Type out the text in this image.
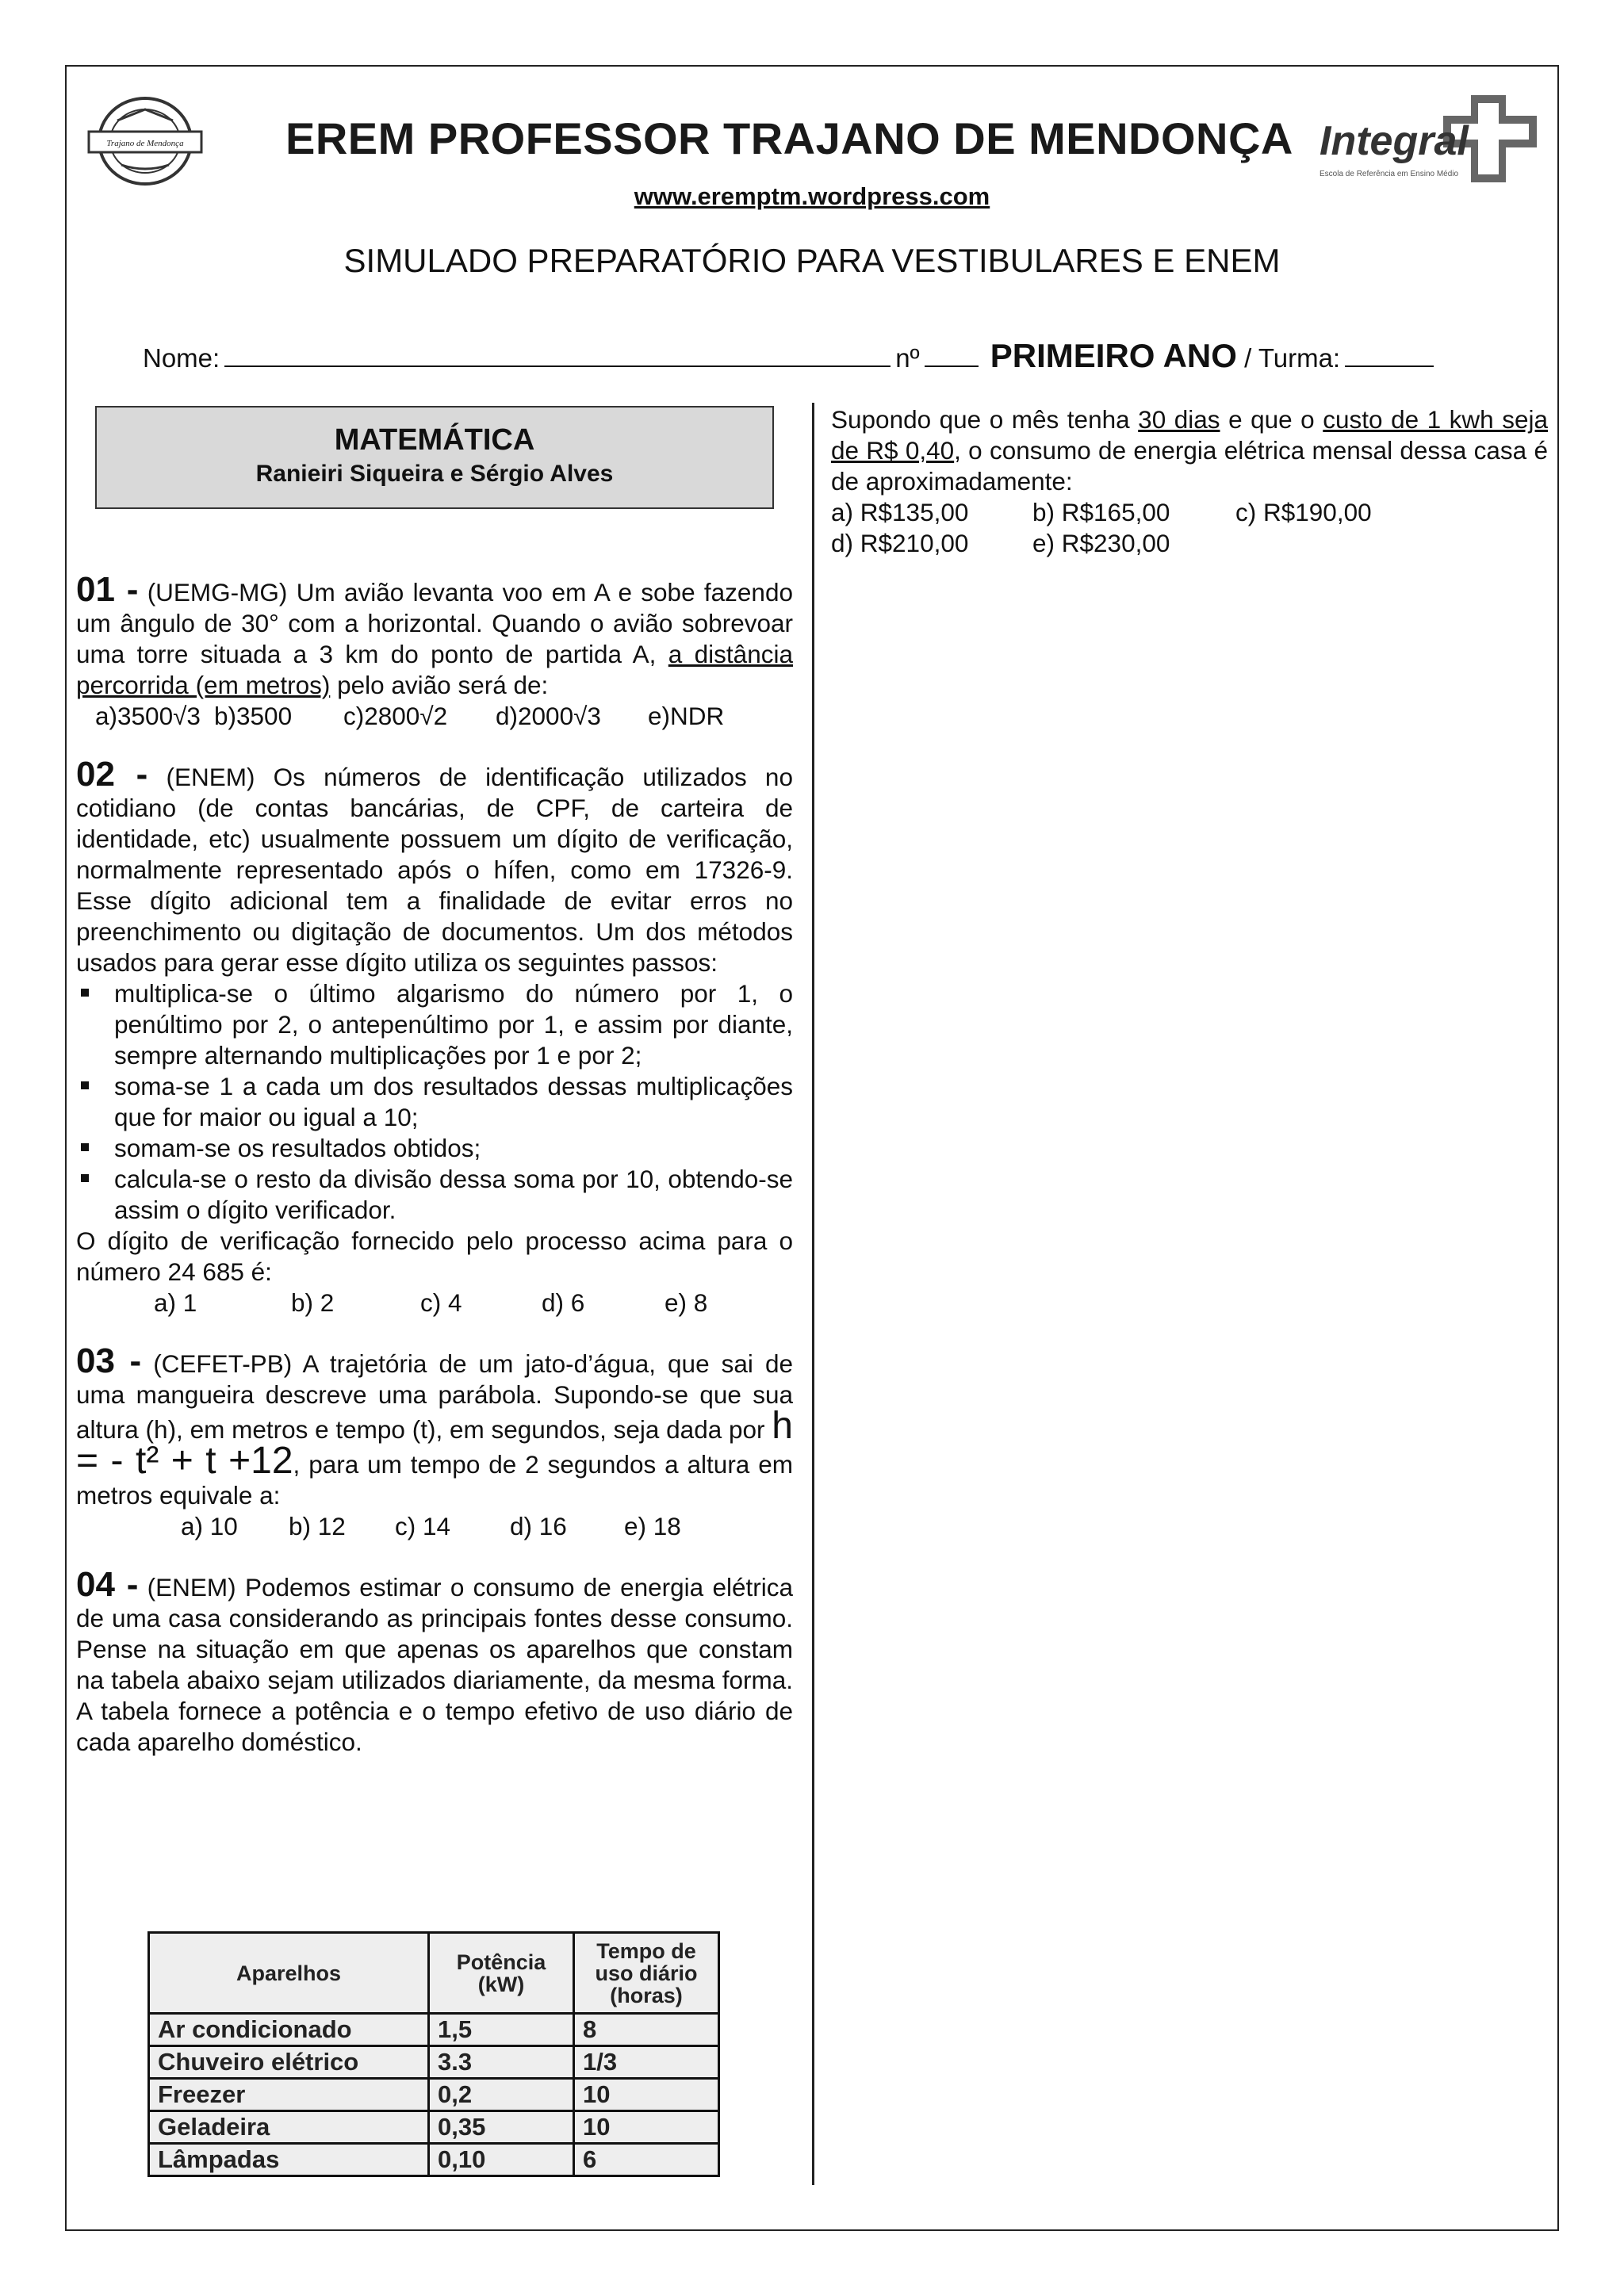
Trajano de Mendonça EREM PROFESSOR TRAJANO DE MENDONÇA Integral
Escola de Referência em Ensino Médio
www.eremptm.wordpress.com
SIMULADO PREPARATÓRIO PARA VESTIBULARES E ENEM
Nome:	nº PRIMEIRO ANO / Turma:
MATEMÁTICA
Ranieiri Siqueira e Sérgio Alves
01 - (UEMG-MG) Um avião levanta voo em A e sobe fazendo um ângulo de 30° com a horizontal. Quando o avião sobrevoar uma torre situada a 3 km do ponto de partida A, a distância percorrida (em metros) pelo avião será de:
a)3500√3 b)3500	c)2800√2	d)2000√3	e)NDR
02 - (ENEM) Os números de identificação utilizados no cotidiano (de contas bancárias, de CPF, de carteira de identidade, etc) usualmente possuem um dígito de verificação, normalmente representado após o hífen, como em 17326-9. Esse dígito adicional tem a finalidade de evitar erros no preenchimento ou digitação de documentos. Um dos métodos usados para gerar esse dígito utiliza os seguintes passos:
multiplica-se o último algarismo do número por 1, o penúltimo por 2, o antepenúltimo por 1, e assim por diante, sempre alternando multiplicações por 1 e por 2;
soma-se 1 a cada um dos resultados dessas multiplicações que for maior ou igual a 10;
somam-se os resultados obtidos;
calcula-se o resto da divisão dessa soma por 10, obtendo-se assim o dígito verificador.
O dígito de verificação fornecido pelo processo acima para o número 24 685 é:
a) 1	b) 2	c) 4	d) 6	e) 8
03 - (CEFET-PB) A trajetória de um jato-d’água, que sai de uma mangueira descreve uma parábola. Supondo-se que sua altura (h), em metros e tempo (t), em segundos, seja dada por h = - t² + t +12, para um tempo de 2 segundos a altura em metros equivale a:
a) 10	b) 12	c) 14	d) 16	e) 18
04 - (ENEM) Podemos estimar o consumo de energia elétrica de uma casa considerando as principais fontes desse consumo. Pense na situação em que apenas os aparelhos que constam na tabela abaixo sejam utilizados diariamente, da mesma forma. A tabela fornece a potência e o tempo efetivo de uso diário de cada aparelho doméstico.
Aparelhos	Potência (kW)	Tempo de uso diário (horas)
Ar condicionado	1,5	8
Chuveiro elétrico	3.3	1/3
Freezer	0,2	10
Geladeira	0,35	10
Lâmpadas	0,10	6
Supondo que o mês tenha 30 dias e que o custo de 1 kwh seja de R$ 0,40, o consumo de energia elétrica mensal dessa casa é de aproximadamente:
a) R$135,00	b) R$165,00	c) R$190,00
d) R$210,00	e) R$230,00
